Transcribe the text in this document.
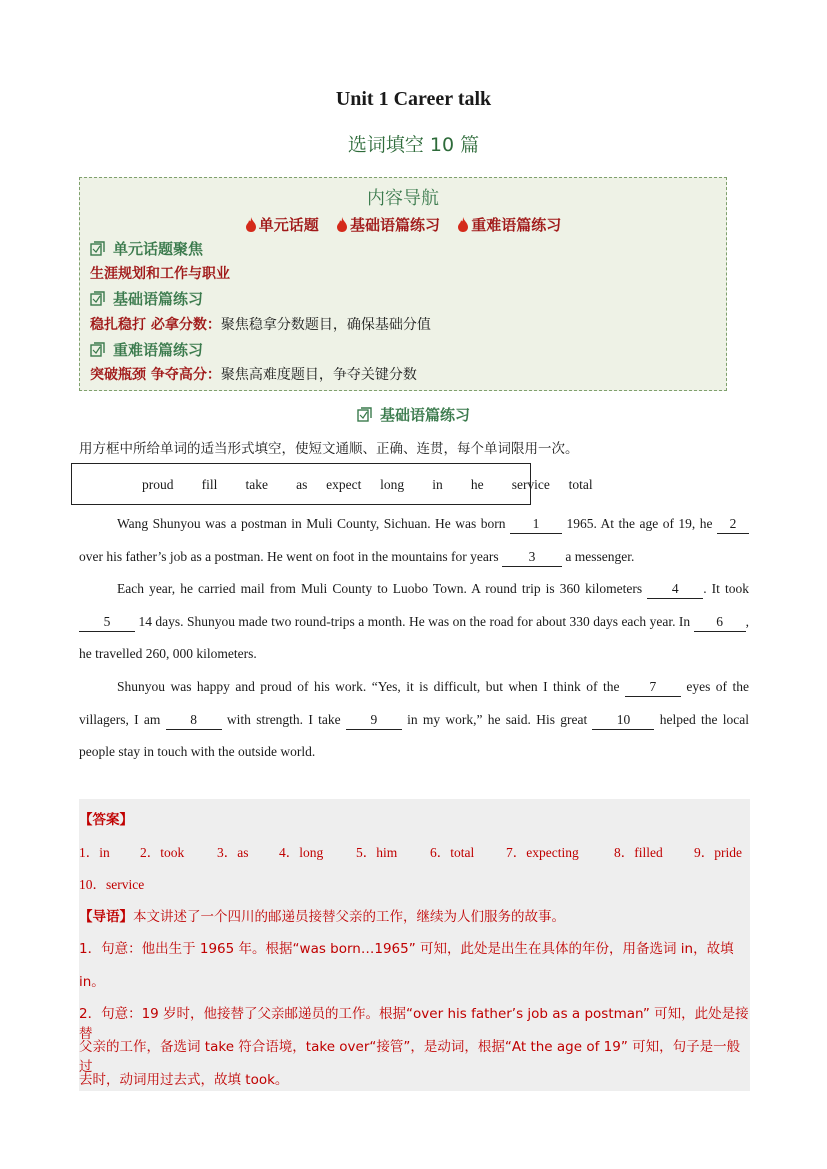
Unit 1 Career talk
选词填空 10 篇
内容导航
单元话题 基础语篇练习 重难语篇练习
单元话题聚焦
生涯规划和工作与职业
基础语篇练习
稳扎稳打 必拿分数：聚焦稳拿分数题目，确保基础分值
重难语篇练习
突破瓶颈 争夺高分：聚焦高难度题目，争夺关键分数
基础语篇练习
用方框中所给单词的适当形式填空，使短文通顺、正确、连贯，每个单词限用一次。
proud   fill   take   as  expect  long   in   he   service  total
Wang Shunyou was a postman in Muli County, Sichuan. He was born 1 1965. At the age of 19, he 2 over his father’s job as a postman. He went on foot in the mountains for years 3 a messenger.
Each year, he carried mail from Muli County to Luobo Town. A round trip is 360 kilometers 4 . It took 5 14 days. Shunyou made two round-trips a month. He was on the road for about 330 days each year. In 6 , he travelled 260, 000 kilometers.
Shunyou was happy and proud of his work. “Yes, it is difficult, but when I think of the 7 eyes of the villagers, I am 8 with strength. I take 9 in my work,” he said. His great 10 helped the local people stay in touch with the outside world.
【答案】
1．in 2．took 3．as 4．long 5．him 6．total 7．expecting	8．filled 9．pride
10．service
【导语】本文讲述了一个四川的邮递员接替父亲的工作，继续为人们服务的故事。
1．句意：他出生于 1965 年。根据“was born…1965” 可知，此处是出生在具体的年份，用备选词 in，故填
in。
2．句意：19 岁时，他接替了父亲邮递员的工作。根据“over his father’s job as a postman” 可知，此处是接替
父亲的工作，备选词 take 符合语境，take over“接管”，是动词，根据“At the age of 19” 可知，句子是一般过
去时，动词用过去式，故填 took。
